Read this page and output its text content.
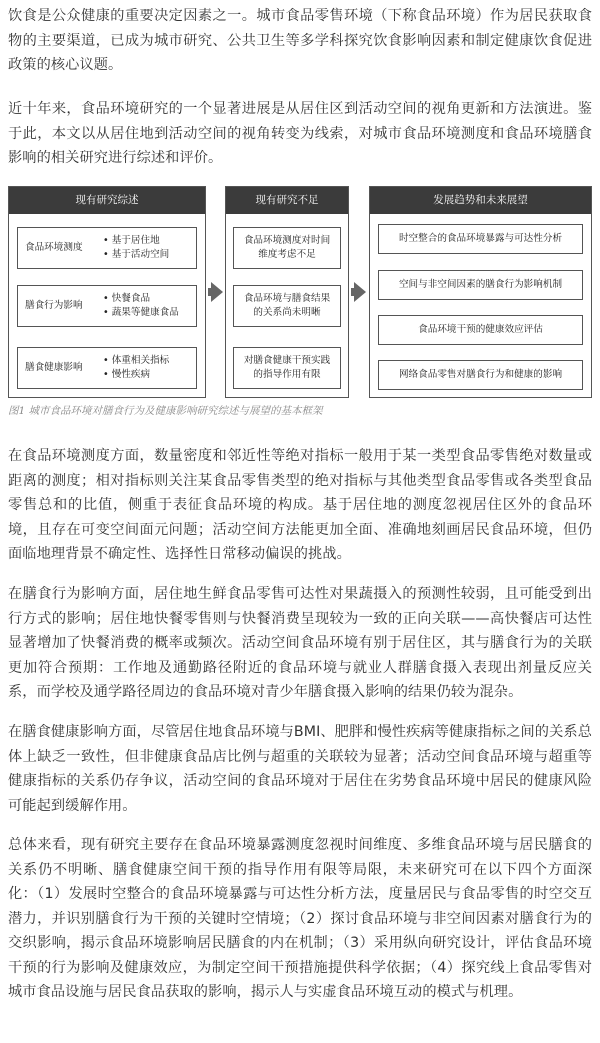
饮食是公众健康的重要决定因素之一。城市食品零售环境（下称食品环境）作为居民获取食物的主要渠道，已成为城市研究、公共卫生等多学科探究饮食影响因素和制定健康饮食促进政策的核心议题。

近十年来，食品环境研究的一个显著进展是从居住区到活动空间的视角更新和方法演进。鉴于此，本文以从居住地到活动空间的视角转变为线索，对城市食品环境测度和食品环境膳食影响的相关研究进行综述和评价。

现有研究综述
食品环境测度
• 基于居住地
• 基于活动空间
膳食行为影响
• 快餐食品
• 蔬果等健康食品
膳食健康影响
• 体重相关指标
• 慢性疾病
现有研究不足
食品环境测度对时间维度考虑不足
食品环境与膳食结果的关系尚未明晰
对膳食健康干预实践的指导作用有限
发展趋势和未来展望
时空整合的食品环境暴露与可达性分析
空间与非空间因素的膳食行为影响机制
食品环境干预的健康效应评估
网络食品零售对膳食行为和健康的影响
图1 城市食品环境对膳食行为及健康影响研究综述与展望的基本框架

在食品环境测度方面，数量密度和邻近性等绝对指标一般用于某一类型食品零售绝对数量或距离的测度；相对指标则关注某食品零售类型的绝对指标与其他类型食品零售或各类型食品零售总和的比值，侧重于表征食品环境的构成。基于居住地的测度忽视居住区外的食品环境，且存在可变空间面元问题；活动空间方法能更加全面、准确地刻画居民食品环境，但仍面临地理背景不确定性、选择性日常移动偏误的挑战。

在膳食行为影响方面，居住地生鲜食品零售可达性对果蔬摄入的预测性较弱，且可能受到出行方式的影响；居住地快餐零售则与快餐消费呈现较为一致的正向关联——高快餐店可达性显著增加了快餐消费的概率或频次。活动空间食品环境有别于居住区，其与膳食行为的关联更加符合预期：工作地及通勤路径附近的食品环境与就业人群膳食摄入表现出剂量反应关系，而学校及通学路径周边的食品环境对青少年膳食摄入影响的结果仍较为混杂。

在膳食健康影响方面，尽管居住地食品环境与BMI、肥胖和慢性疾病等健康指标之间的关系总体上缺乏一致性，但非健康食品店比例与超重的关联较为显著；活动空间食品环境与超重等健康指标的关系仍存争议，活动空间的食品环境对于居住在劣势食品环境中居民的健康风险可能起到缓解作用。

总体来看，现有研究主要存在食品环境暴露测度忽视时间维度、多维食品环境与居民膳食的关系仍不明晰、膳食健康空间干预的指导作用有限等局限，未来研究可在以下四个方面深化：（1）发展时空整合的食品环境暴露与可达性分析方法，度量居民与食品零售的时空交互潜力，并识别膳食行为干预的关键时空情境；（2）探讨食品环境与非空间因素对膳食行为的交织影响，揭示食品环境影响居民膳食的内在机制；（3）采用纵向研究设计，评估食品环境干预的行为影响及健康效应，为制定空间干预措施提供科学依据；（4）探究线上食品零售对城市食品设施与居民食品获取的影响，揭示人与实虚食品环境互动的模式与机理。
